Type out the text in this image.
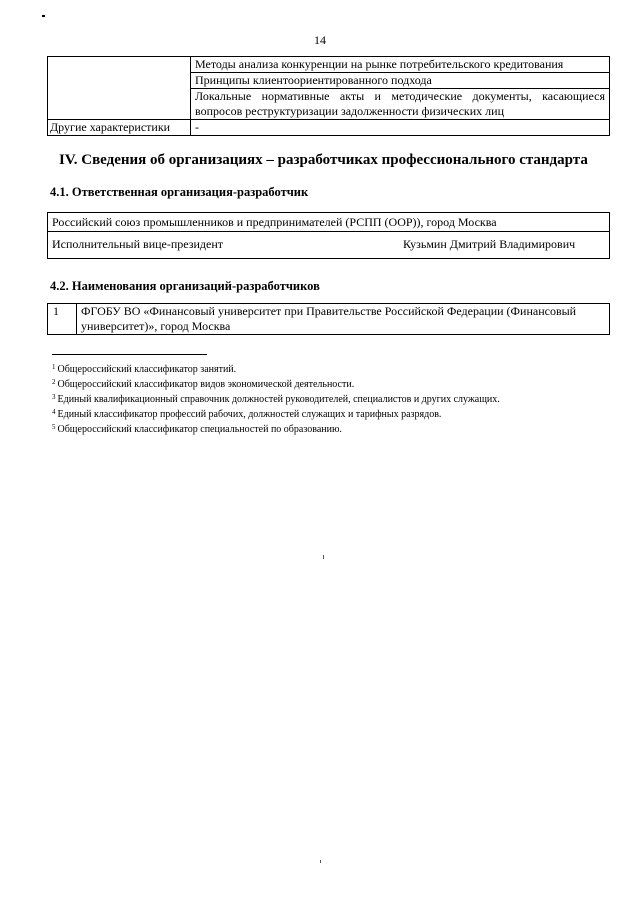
14
	Методы анализа конкуренции на рынке потребительского кредитования
	Принципы клиентоориентированного подхода
	Локальные нормативные акты и методические документы, касающиеся вопросов реструктуризации задолженности физических лиц
Другие характеристики	-
IV. Сведения об организациях – разработчиках профессионального стандарта
4.1. Ответственная организация-разработчик
Российский союз промышленников и предпринимателей (РСПП (ООР)), город Москва
Исполнительный вице-президент	Кузьмин Дмитрий Владимирович
4.2. Наименования организаций-разработчиков
1	ФГОБУ ВО «Финансовый университет при Правительстве Российской Федерации (Финансовый университет)», город Москва
$^1$ Общероссийский классификатор занятий.
$^2$ Общероссийский классификатор видов экономической деятельности.
$^3$ Единый квалификационный справочник должностей руководителей, специалистов и других служащих.
$^4$ Единый классификатор профессий рабочих, должностей служащих и тарифных разрядов.
$^5$ Общероссийский классификатор специальностей по образованию.
